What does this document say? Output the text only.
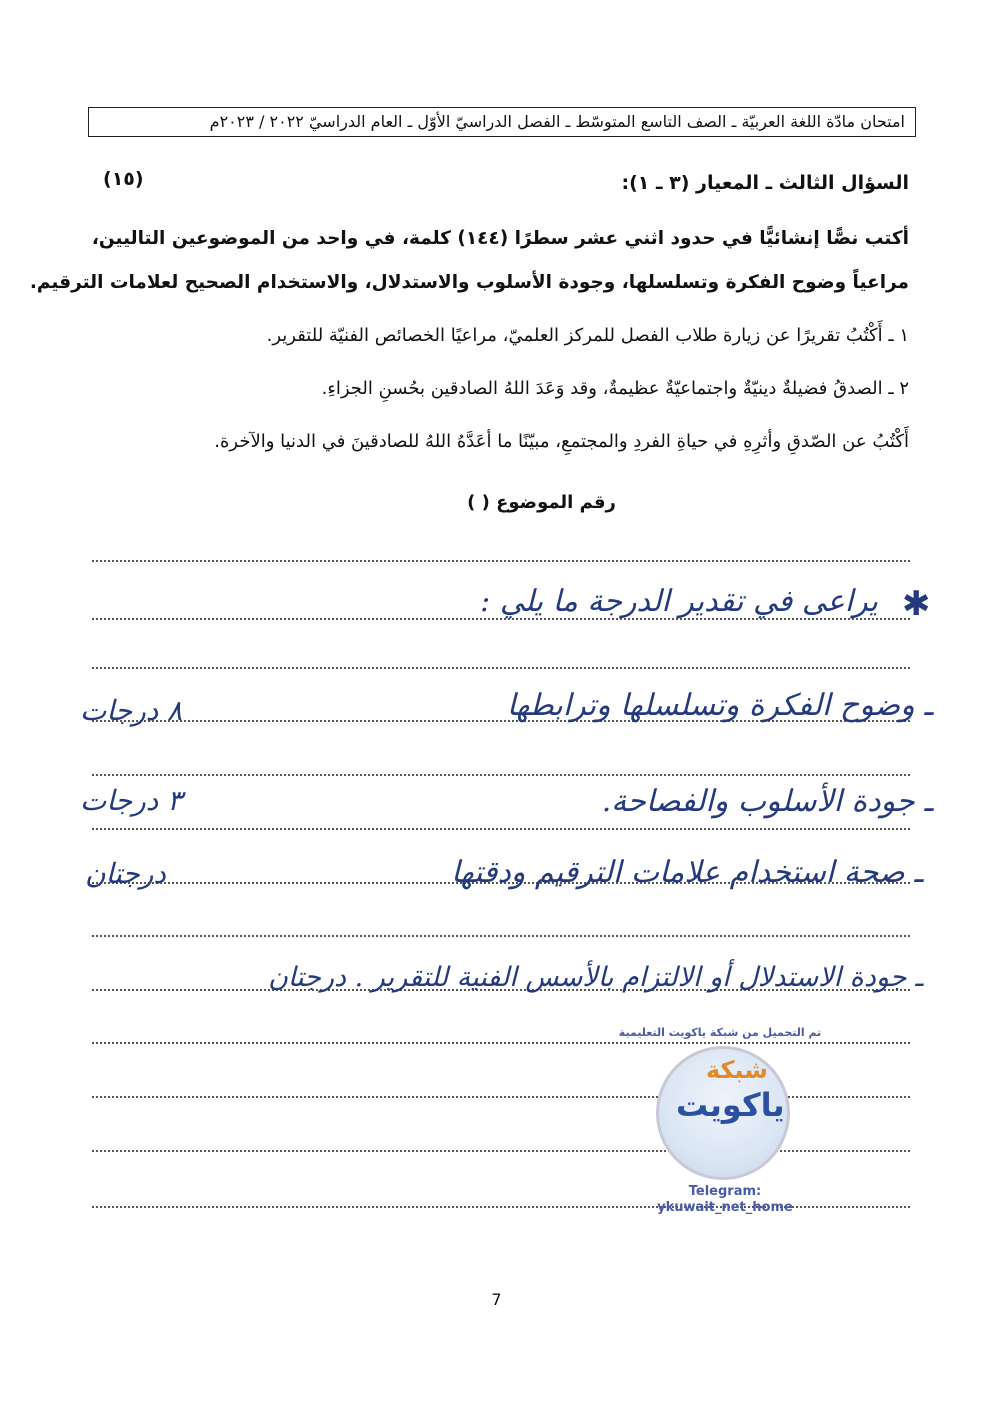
امتحان مادّة اللغة العربيّة ـ الصف التاسع المتوسّط ـ الفصل الدراسيّ الأوّل ـ العام الدراسيّ ٢٠٢٢ / ٢٠٢٣م
السؤال الثالث ـ المعيار (٣ ـ ١):
(١٥)
أكتب نصًّا إنشائيًّا في حدود اثني عشر سطرًا (١٤٤) كلمة، في واحد من الموضوعين التاليين،
مراعياً وضوح الفكرة وتسلسلها، وجودة الأسلوب والاستدلال، والاستخدام الصحيح لعلامات الترقيم.
١ ـ أَكْتُبُ تقريرًا عن زيارة طلاب الفصل للمركز العلميّ، مراعيًا الخصائص الفنيّة للتقرير.
٢ ـ الصدقُ فضيلةٌ دينيّةٌ واجتماعيّةٌ عظيمةٌ، وقد وَعَدَ اللهُ الصادقين بحُسنِ الجزاءِ.
أَكْتُبُ عن الصّدقِ وأثرِهِ في حياةِ الفردِ والمجتمعِ، مبيّنًا ما أعَدَّهُ اللهُ للصادقينَ في الدنيا والآخرة.
رقم الموضوع ( )
✱
يراعى في تقدير الدرجة ما يلي :
ـ وضوح الفكرة وتسلسلها وترابطها
٨ درجات
ـ جودة الأسلوب والفصاحة.
٣ درجات
ـ صحة استخدام علامات الترقيم ودقتها
درجتان
ـ جودة الاستدلال أو الالتزام بالأسس الفنية للتقرير . درجتان
تم التحميل من شبكة ياكويت التعليمية
شبكة
ياكويت
Telegram:
ykuwait_net_home
7
